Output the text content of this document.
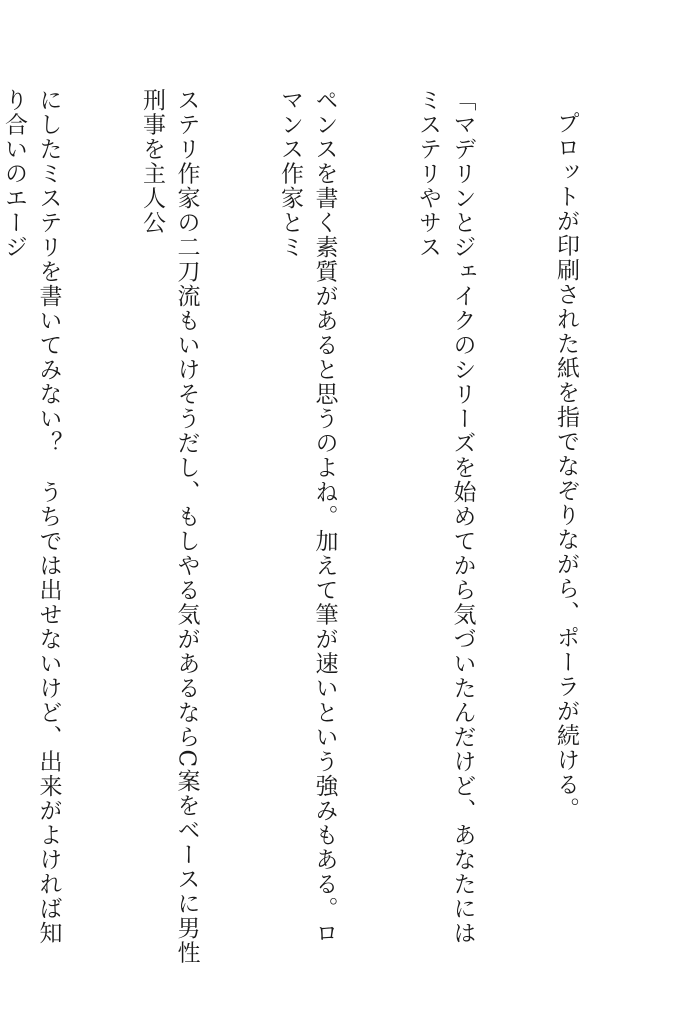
プロットが印刷された紙を指でなぞりながら、ポーラが続ける。

「マデリンとジェイクのシリーズを始めてから気づいたんだけど、あなたにはミステリやサス

ペンスを書く素質があると思うのよね。加えて筆が速いという強みもある。ロマンス作家とミ

ステリ作家の二刀流もいけそうだし、もしやる気があるならC案をベースに男性刑事を主人公

にしたミステリを書いてみない？　うちでは出せないけど、出来がよければ知り合いのエージ
